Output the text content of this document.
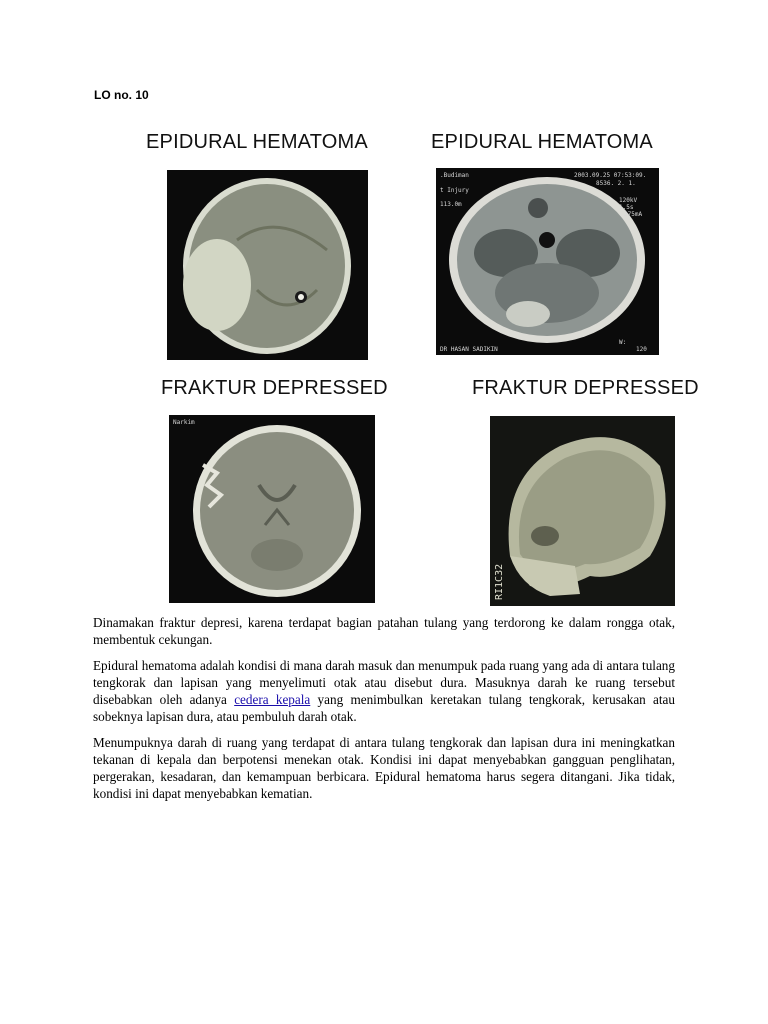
LO no. 10
EPIDURAL HEMATOMA	EPIDURAL HEMATOMA
.Budiman	2003.09.25 07:53:09.
8536. 2. 1.
t Injury
120kV
1.5s
113.0m
375mA
DR HASAN SADIKIN
W:
120
FRAKTUR DEPRESSED
Narkim
FRAKTUR DEPRESSED
RI1C32
Dinamakan fraktur depresi, karena terdapat bagian patahan tulang yang terdorong ke dalam rongga otak, membentuk cekungan.
Epidural hematoma adalah kondisi di mana darah masuk dan menumpuk pada ruang yang ada di antara tulang tengkorak dan lapisan yang menyelimuti otak atau disebut dura. Masuknya darah ke ruang tersebut disebabkan oleh adanya cedera kepala yang menimbulkan keretakan tulang tengkorak, kerusakan atau sobeknya lapisan dura, atau pembuluh darah otak.
Menumpuknya darah di ruang yang terdapat di antara tulang tengkorak dan lapisan dura ini meningkatkan tekanan di kepala dan berpotensi menekan otak. Kondisi ini dapat menyebabkan gangguan penglihatan, pergerakan, kesadaran, dan kemampuan berbicara. Epidural hematoma harus segera ditangani. Jika tidak, kondisi ini dapat menyebabkan kematian.
